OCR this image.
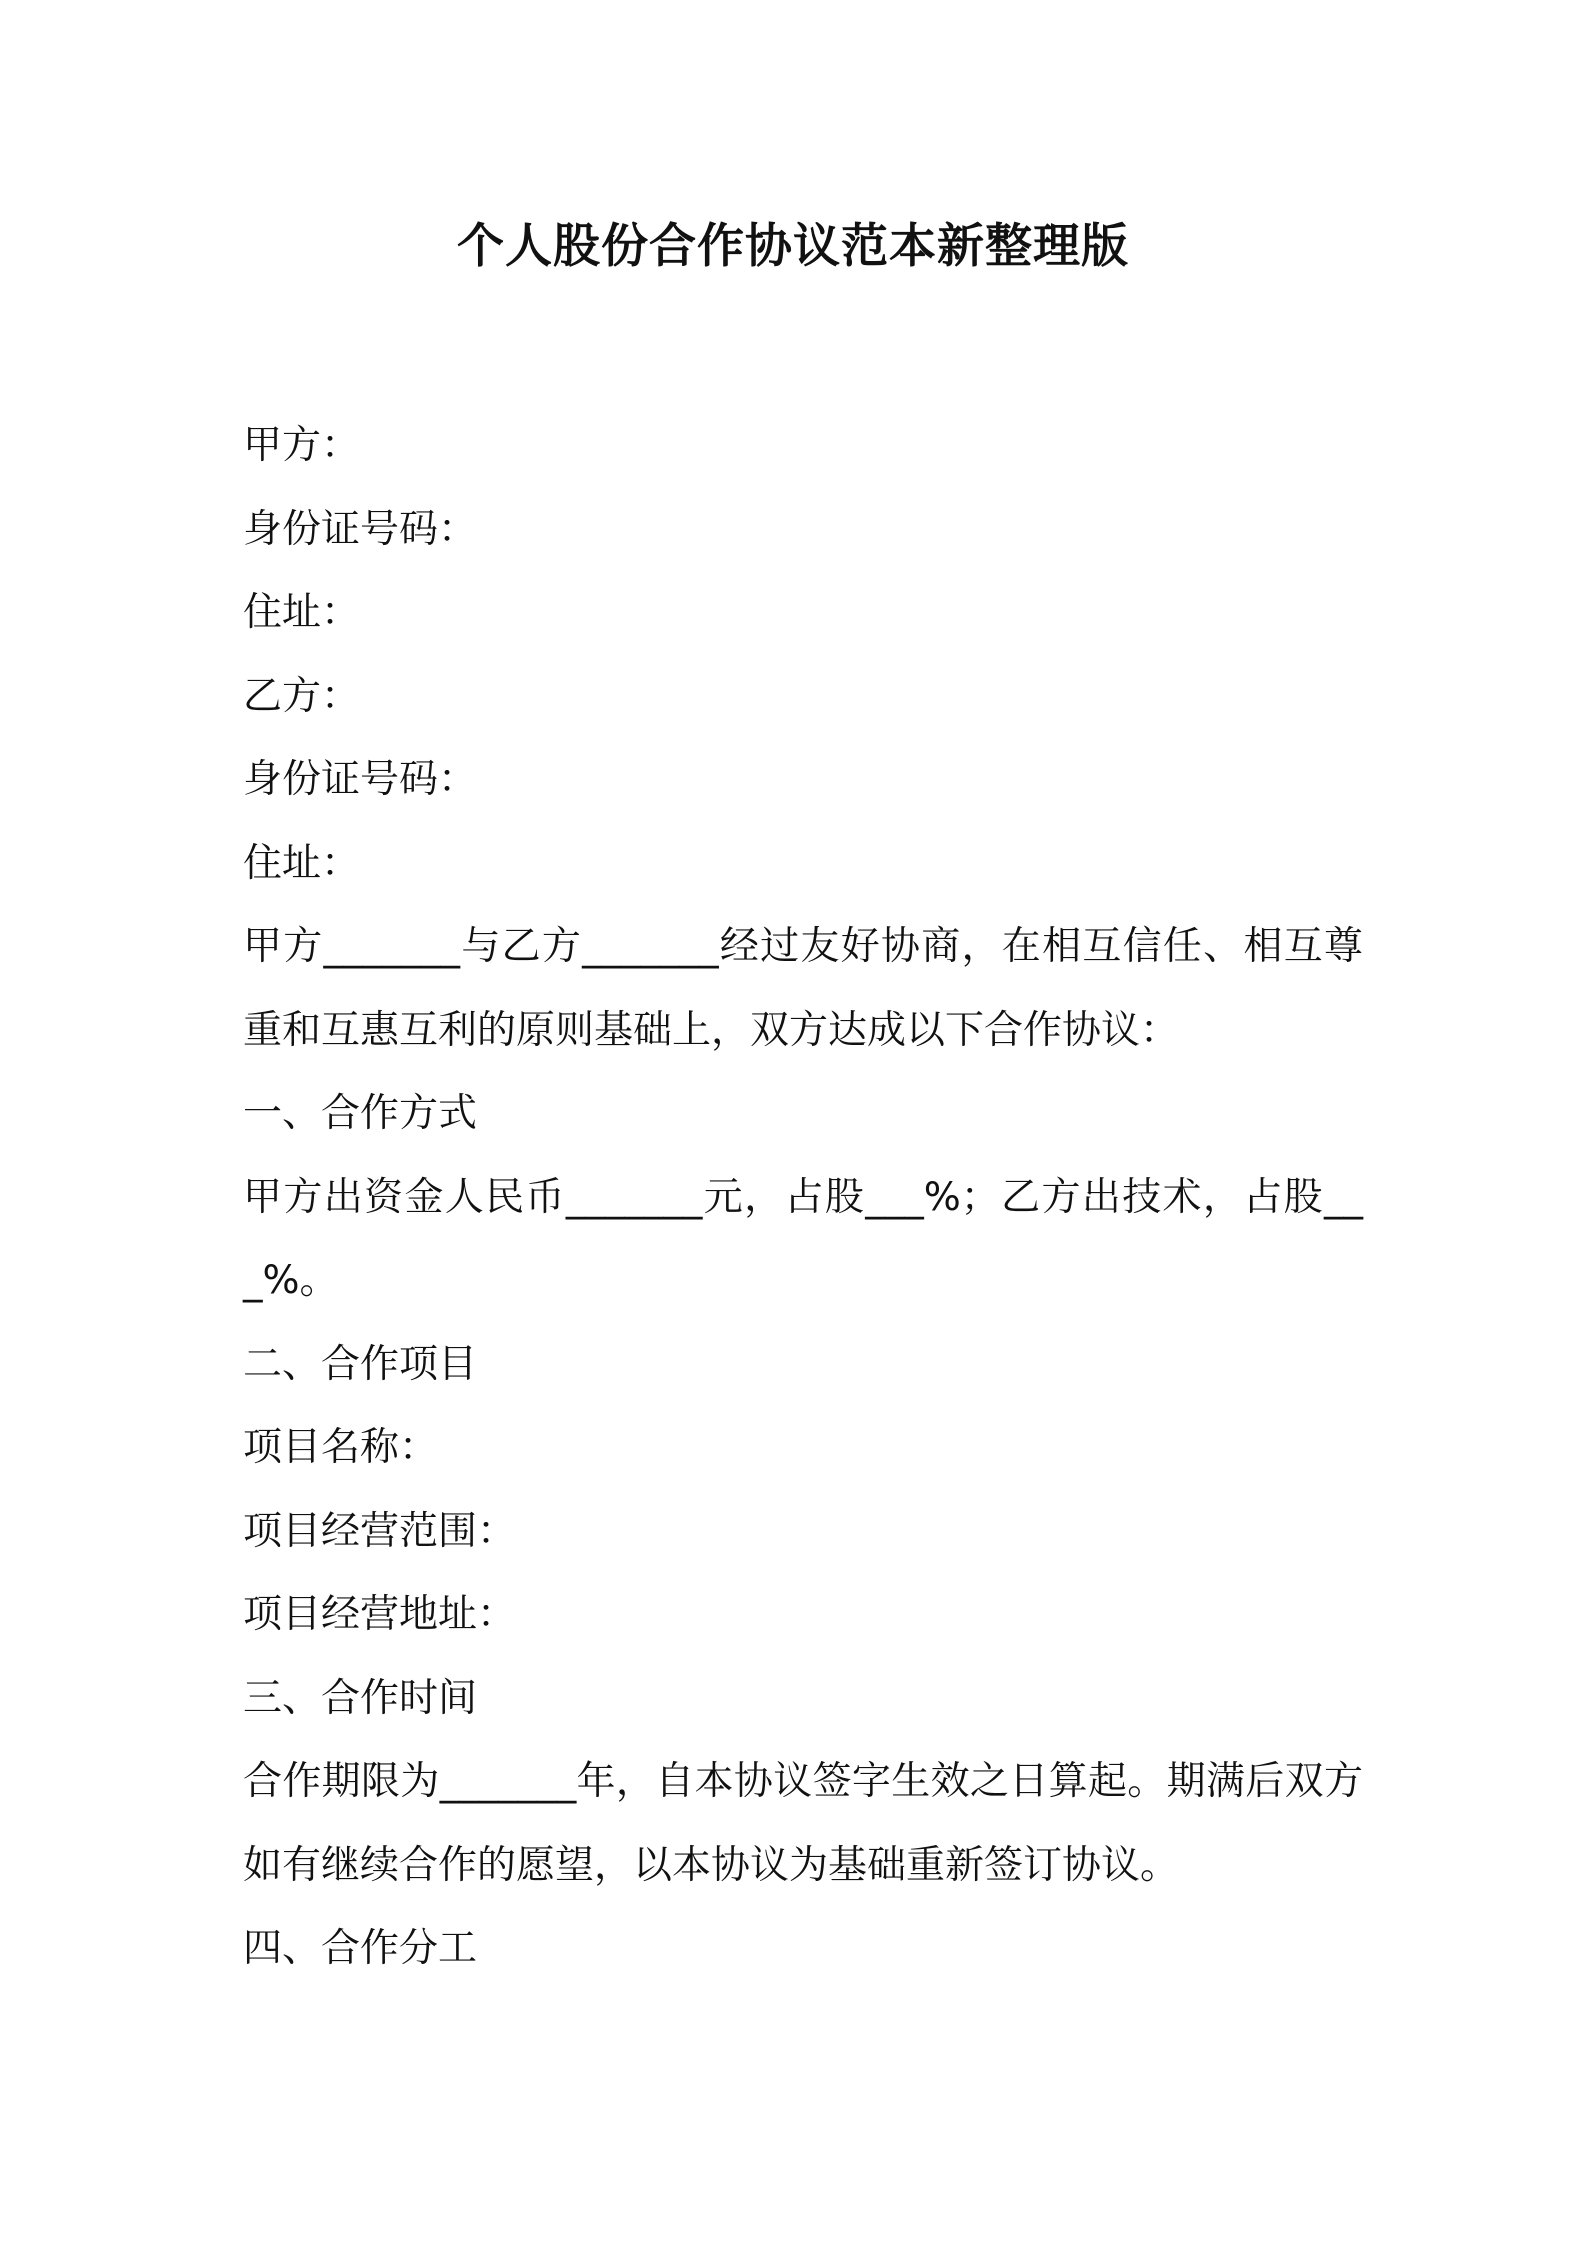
个人股份合作协议范本新整理版

甲方：

身份证号码：

住址：

乙方：

身份证号码：

住址：

甲方_______与乙方_______经过友好协商，在相互信任、相互尊重和互惠互利的原则基础上，双方达成以下合作协议：

一、合作方式

甲方出资金人民币_______元，占股___%；乙方出技术，占股___%。

二、合作项目

项目名称：

项目经营范围：

项目经营地址：

三、合作时间

合作期限为_______年，自本协议签字生效之日算起。期满后双方如有继续合作的愿望，以本协议为基础重新签订协议。

四、合作分工
